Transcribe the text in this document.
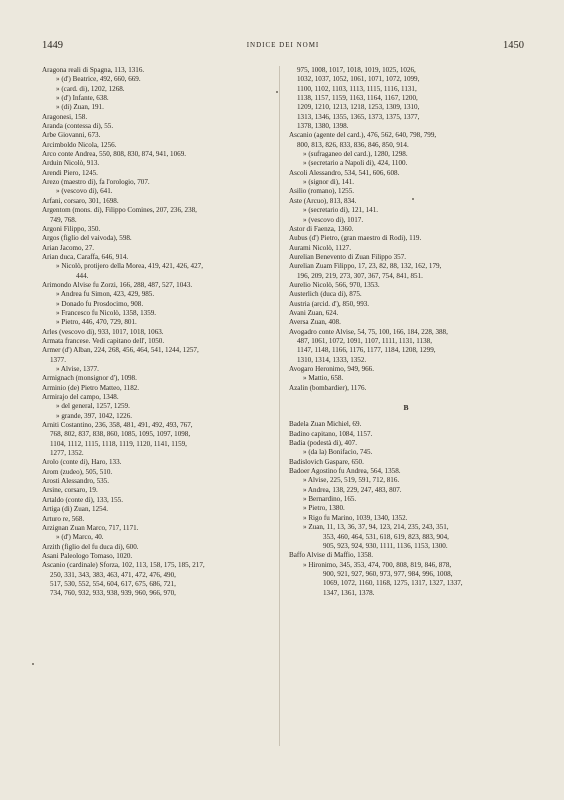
1449	INDICE DEI NOMI	1450
Aragona reali di Spagna, 113, 1316.
» (d') Beatrice, 492, 660, 669.
» (card. di), 1202, 1268.
» (d') Infante, 638.
» (di) Zuan, 191.
Aragonesi, 158.
Aranda (contessa di), 55.
Arbe Giovanni, 673.
Arcimboldo Nicola, 1256.
Arco conte Andrea, 550, 808, 830, 874, 941, 1069.
Arduin Nicolò, 913.
Arendi Piero, 1245.
Arezo (maestro di), fa l'orologio, 707.
» (vescovo di), 641.
Arfani, corsaro, 301, 1698.
Argentom (mons. di), Filippo Comines, 207, 236, 238,
749, 768.
Argoni Filippo, 350.
Argos (figlio del vaivoda), 598.
Arian Jacomo, 27.
Arian duca, Caraffa, 646, 914.
» Nicolò, protijero della Morea, 419, 421, 426, 427,
444.
Arimondo Alvise fu Zorzi, 166, 288, 487, 527, 1043.
» Andrea fu Simon, 423, 429, 985.
» Donado fu Prosdocimo, 908.
» Francesco fu Nicolò, 1358, 1359.
» Pietro, 446, 470, 729, 801.
Arles (vescovo di), 933, 1017, 1018, 1063.
Armata francese. Vedi capitano dell', 1050.
Armer (d') Alban, 224, 268, 456, 464, 541, 1244, 1257,
1377.
» Alvise, 1377.
Armignach (monsignor d'), 1098.
Arminio (de) Pietro Matteo, 1182.
Armirajo del campo, 1348.
» del general, 1257, 1259.
» grande, 397, 1042, 1226.
Arniti Costantino, 236, 358, 481, 491, 492, 493, 767,
768, 802, 837, 838, 860, 1085, 1095, 1097, 1098,
1104, 1112, 1115, 1118, 1119, 1120, 1141, 1159,
1277, 1352.
Arolo (conte di), Haro, 133.
Arom (zudeo), 505, 510.
Arosti Alessandro, 535.
Arsine, corsaro, 19.
Artaldo (conte di), 133, 155.
Artiga (di) Zuan, 1254.
Arturo re, 568.
Arzignan Zuan Marco, 717, 1171.
» (d') Marco, 40.
Arzith (figlio del fu duca di), 600.
Asani Paleologo Tomaso, 1020.
Ascanio (cardinale) Sforza, 102, 113, 158, 175, 185, 217,
250, 331, 343, 383, 463, 471, 472, 476, 490,
517, 530, 552, 554, 604, 617, 675, 686, 721,
734, 760, 932, 933, 938, 939, 960, 966, 970,
975, 1008, 1017, 1018, 1019, 1025, 1026,
1032, 1037, 1052, 1061, 1071, 1072, 1099,
1100, 1102, 1103, 1113, 1115, 1116, 1131,
1138, 1157, 1159, 1163, 1164, 1167, 1200,
1209, 1210, 1213, 1218, 1253, 1309, 1310,
1313, 1346, 1355, 1365, 1373, 1375, 1377,
1378, 1380, 1398.
Ascanio (agente del card.), 476, 562, 640, 798, 799,
800, 813, 826, 833, 836, 846, 850, 914.
» (sufraganeo del card.), 1280, 1298.
» (secretario a Napoli di), 424, 1100.
Ascoli Alessandro, 534, 541, 606, 608.
» (signor di), 141.
Asilio (romano), 1255.
Aste (Arcuo), 813, 834.
» (secretario di), 121, 141.
» (vescovo di), 1017.
Astor di Faenza, 1360.
Aubus (d') Pietro, (gran maestro di Rodi), 119.
Aurami Nicolò, 1127.
Aurelian Benevento di Zuan Filippo 357.
Aurelian Zuam Filippo, 17, 23, 82, 88, 132, 162, 179,
196, 209, 219, 273, 307, 367, 754, 841, 851.
Aurelio Nicolò, 566, 970, 1353.
Austerlich (duca di), 875.
Austria (arcid. d'), 850, 993.
Avani Zuan, 624.
Aversa Zuan, 408.
Avogadro conte Alvise, 54, 75, 100, 166, 184, 228, 388,
487, 1061, 1072, 1091, 1107, 1111, 1131, 1138,
1147, 1148, 1166, 1176, 1177, 1184, 1208, 1299,
1310, 1314, 1333, 1352.
Avogaro Heronimo, 949, 966.
» Mattio, 658.
Azalin (bombardier), 1176.
B
Badela Zuan Michiel, 69.
Badino capitano, 1084, 1157.
Badia (podestà di), 407.
» (da la) Bonifacio, 745.
Badislovich Gaspare, 650.
Badoer Agostino fu Andrea, 564, 1358.
» Alvise, 225, 519, 591, 712, 816.
» Andrea, 138, 229, 247, 483, 807.
» Bernardino, 165.
» Pietro, 1380.
» Rigo fu Marino, 1039, 1340, 1352.
» Zuan, 11, 13, 36, 37, 94, 123, 214, 235, 243, 351,
353, 460, 464, 531, 618, 619, 823, 883, 904,
905, 923, 924, 930, 1111, 1136, 1153, 1300.
Baffo Alvise di Maffio, 1358.
» Hironimo, 345, 353, 474, 700, 808, 819, 846, 878,
900, 921, 927, 960, 973, 977, 984, 996, 1008,
1069, 1072, 1160, 1168, 1275, 1317, 1327, 1337,
1347, 1361, 1378.
